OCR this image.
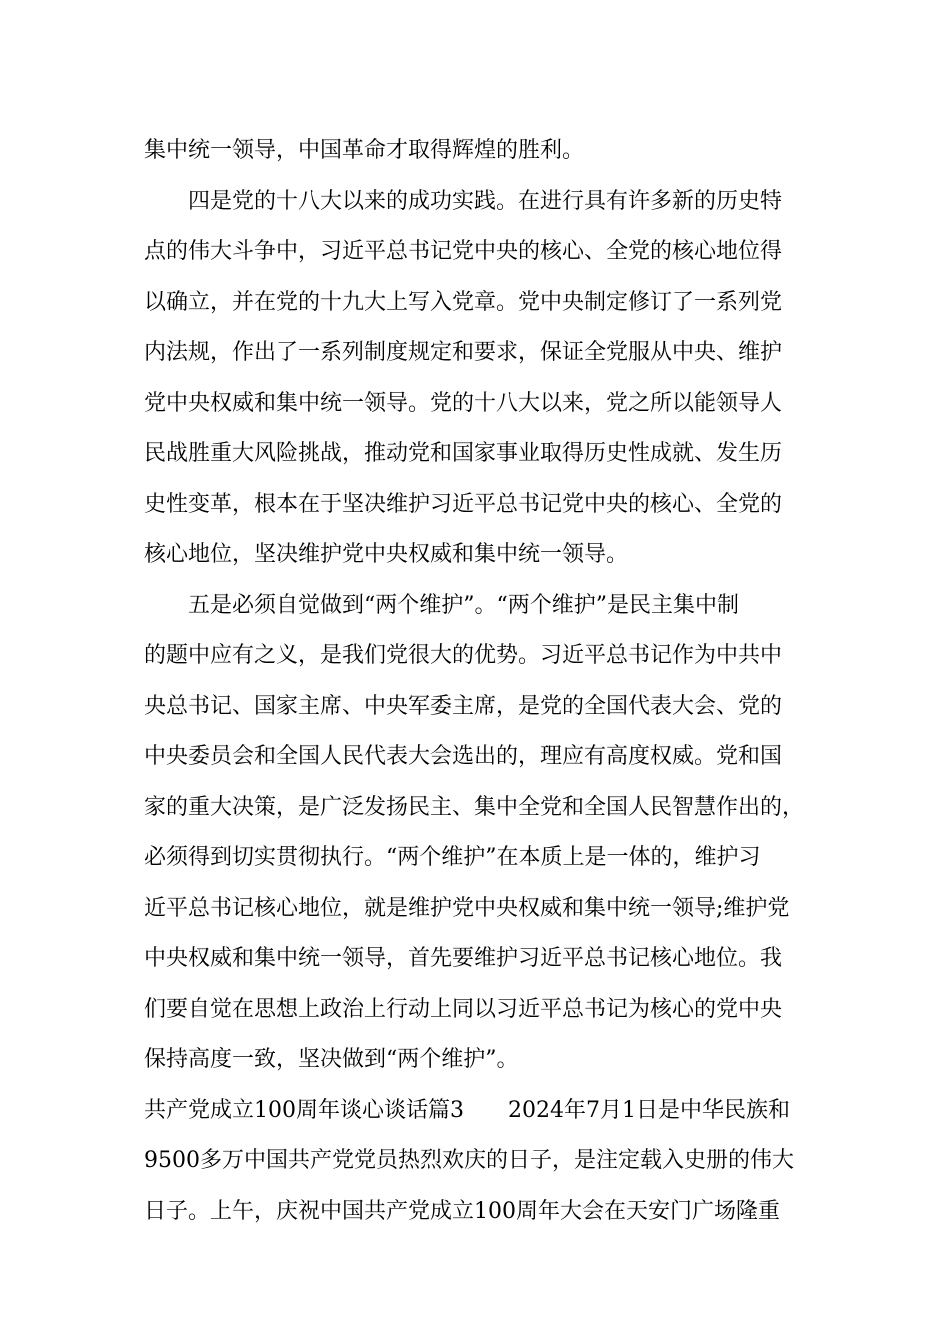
集中统一领导，中国革命才取得辉煌的胜利。

四是党的十八大以来的成功实践。在进行具有许多新的历史特
点的伟大斗争中，习近平总书记党中央的核心、全党的核心地位得
以确立，并在党的十九大上写入党章。党中央制定修订了一系列党
内法规，作出了一系列制度规定和要求，保证全党服从中央、维护
党中央权威和集中统一领导。党的十八大以来，党之所以能领导人
民战胜重大风险挑战，推动党和国家事业取得历史性成就、发生历
史性变革，根本在于坚决维护习近平总书记党中央的核心、全党的
核心地位，坚决维护党中央权威和集中统一领导。

五是必须自觉做到“两个维护”。“两个维护”是民主集中制
的题中应有之义，是我们党很大的优势。习近平总书记作为中共中
央总书记、国家主席、中央军委主席，是党的全国代表大会、党的
中央委员会和全国人民代表大会选出的，理应有高度权威。党和国
家的重大决策，是广泛发扬民主、集中全党和全国人民智慧作出的，
必须得到切实贯彻执行。“两个维护”在本质上是一体的，维护习
近平总书记核心地位，就是维护党中央权威和集中统一领导;维护党
中央权威和集中统一领导，首先要维护习近平总书记核心地位。我
们要自觉在思想上政治上行动上同以习近平总书记为核心的党中央
保持高度一致，坚决做到“两个维护”。

共产党成立100周年谈心谈话篇3　　2024年7月1日是中华民族和
9500多万中国共产党党员热烈欢庆的日子，是注定载入史册的伟大
日子。上午，庆祝中国共产党成立100周年大会在天安门广场隆重
